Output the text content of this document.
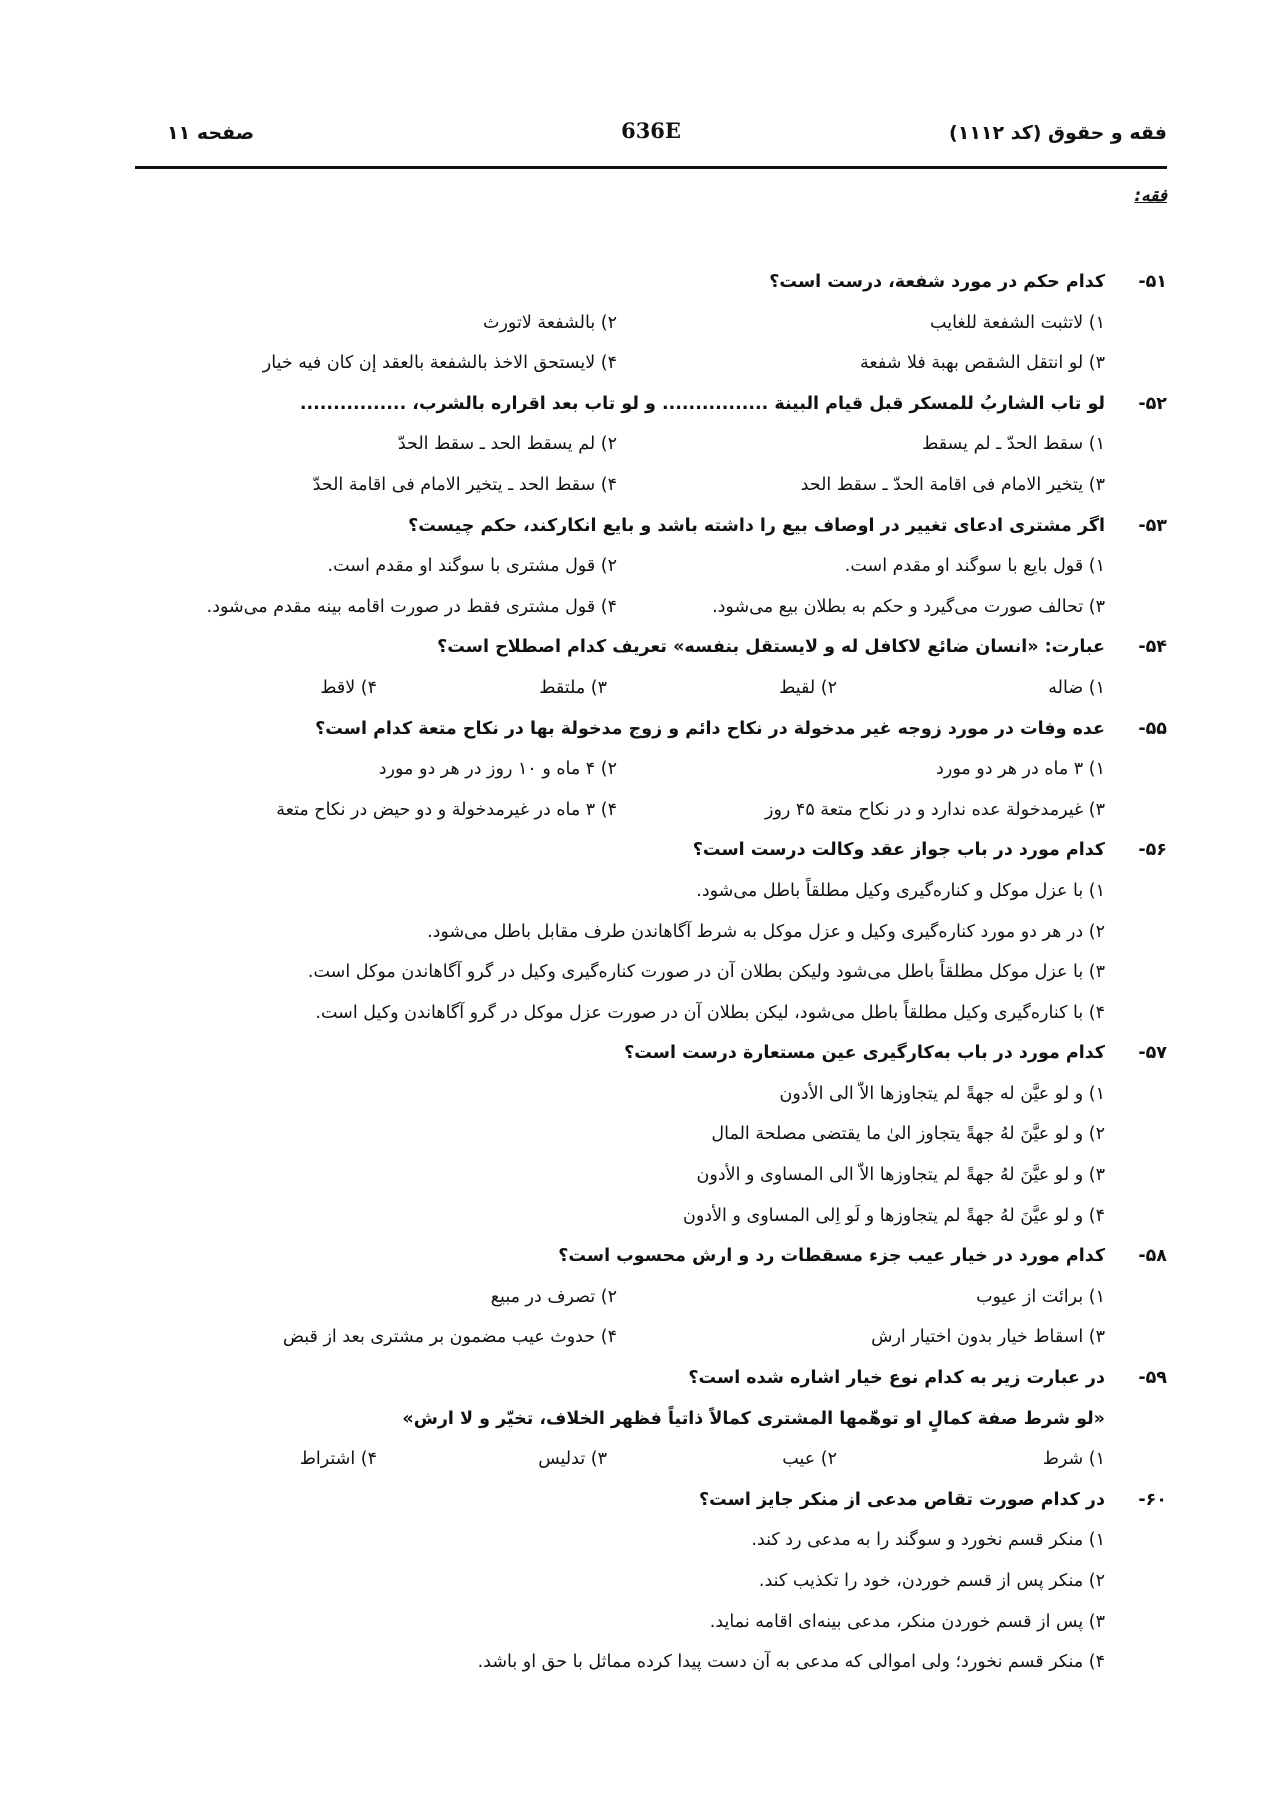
فقه و حقوق (کد ۱۱۱۲)
636E
صفحه ۱۱
فقه:
۵۱-
کدام حکم در مورد شفعة، درست است؟
۱) لاتثبت الشفعة للغایب
۲) بالشفعة لاتورث
۳) لو انتقل الشقص بهبة فلا شفعة
۴) لایستحق الاخذ بالشفعة بالعقد إن کان فیه خیار
۵۲-
لو تاب الشاربُ للمسکر قبل قیام البینة ................ و لو تاب بعد اقراره بالشرب، ................
۱) سقط الحدّ ـ لم یسقط
۲) لم یسقط الحد ـ سقط الحدّ
۳) یتخیر الامام فی اقامة الحدّ ـ سقط الحد
۴) سقط الحد ـ یتخیر الامام فی اقامة الحدّ
۵۳-
اگر مشتری ادعای تغییر در اوصاف بیع را داشته باشد و بایع انکارکند، حکم چیست؟
۱) قول بایع با سوگند او مقدم است.
۲) قول مشتری با سوگند او مقدم است.
۳) تحالف صورت می‌گیرد و حکم به بطلان بیع می‌شود.
۴) قول مشتری فقط در صورت اقامه بینه مقدم می‌شود.
۵۴-
عبارت: «انسان ضائع لاکافل له و لایستقل بنفسه» تعریف کدام اصطلاح است؟
۱) ضاله
۲) لقیط
۳) ملتقط
۴) لاقط
۵۵-
عده وفات در مورد زوجه غیر مدخولة در نکاح دائم و زوج مدخولة بها در نکاح متعة کدام است؟
۱) ۳ ماه در هر دو مورد
۲) ۴ ماه و ۱۰ روز در هر دو مورد
۳) غیرمدخولة عده ندارد و در نکاح متعة ۴۵ روز
۴) ۳ ماه در غیرمدخولة و دو حیض در نکاح متعة
۵۶-
کدام مورد در باب جواز عقد وکالت درست است؟
۱) با عزل موکل و کناره‌گیری وکیل مطلقاً باطل می‌شود.
۲) در هر دو مورد کناره‌گیری وکیل و عزل موکل به شرط آگاهاندن طرف مقابل باطل می‌شود.
۳) با عزل موکل مطلقاً باطل می‌شود ولیکن بطلان آن در صورت کناره‌گیری وکیل در گرو آگاهاندن موکل است.
۴) با کناره‌گیری وکیل مطلقاً باطل می‌شود، لیکن بطلان آن در صورت عزل موکل در گرو آگاهاندن وکیل است.
۵۷-
کدام مورد در باب به‌کارگیری عین مستعارة درست است؟
۱) و لو عیَّن له جهةً لم یتجاوزها الاّ الی الأدون
۲) و لو عیَّنَ لهُ جهةً یتجاوز الیٰ ما یقتضی مصلحة المال
۳) و لو عیَّنَ لهُ جهةً لم یتجاوزها الاّ الی المساوی و الأدون
۴) و لو عیَّنَ لهُ جهةً لم یتجاوزها و لَو اِلی المساوی و الأدون
۵۸-
کدام مورد در خیار عیب جزء مسقطات رد و ارش محسوب است؟
۱) برائت از عیوب
۲) تصرف در مبیع
۳) اسقاط خیار بدون اختیار ارش
۴) حدوث عیب مضمون بر مشتری بعد از قبض
۵۹-
در عبارت زیر به کدام نوع خیار اشاره شده است؟
«لو شرط صفة کمالٍ او توهّمها المشتری کمالاً ذاتیاً فظهر الخلاف، تخیّر و لا ارش»
۱) شرط
۲) عیب
۳) تدلیس
۴) اشتراط
۶۰-
در کدام صورت تقاص مدعی از منکر جایز است؟
۱) منکر قسم نخورد و سوگند را به مدعی رد کند.
۲) منکر پس از قسم خوردن، خود را تکذیب کند.
۳) پس از قسم خوردن منکر، مدعی بینه‌ای اقامه نماید.
۴) منکر قسم نخورد؛ ولی اموالی که مدعی به آن دست پیدا کرده مماثل با حق او باشد.
